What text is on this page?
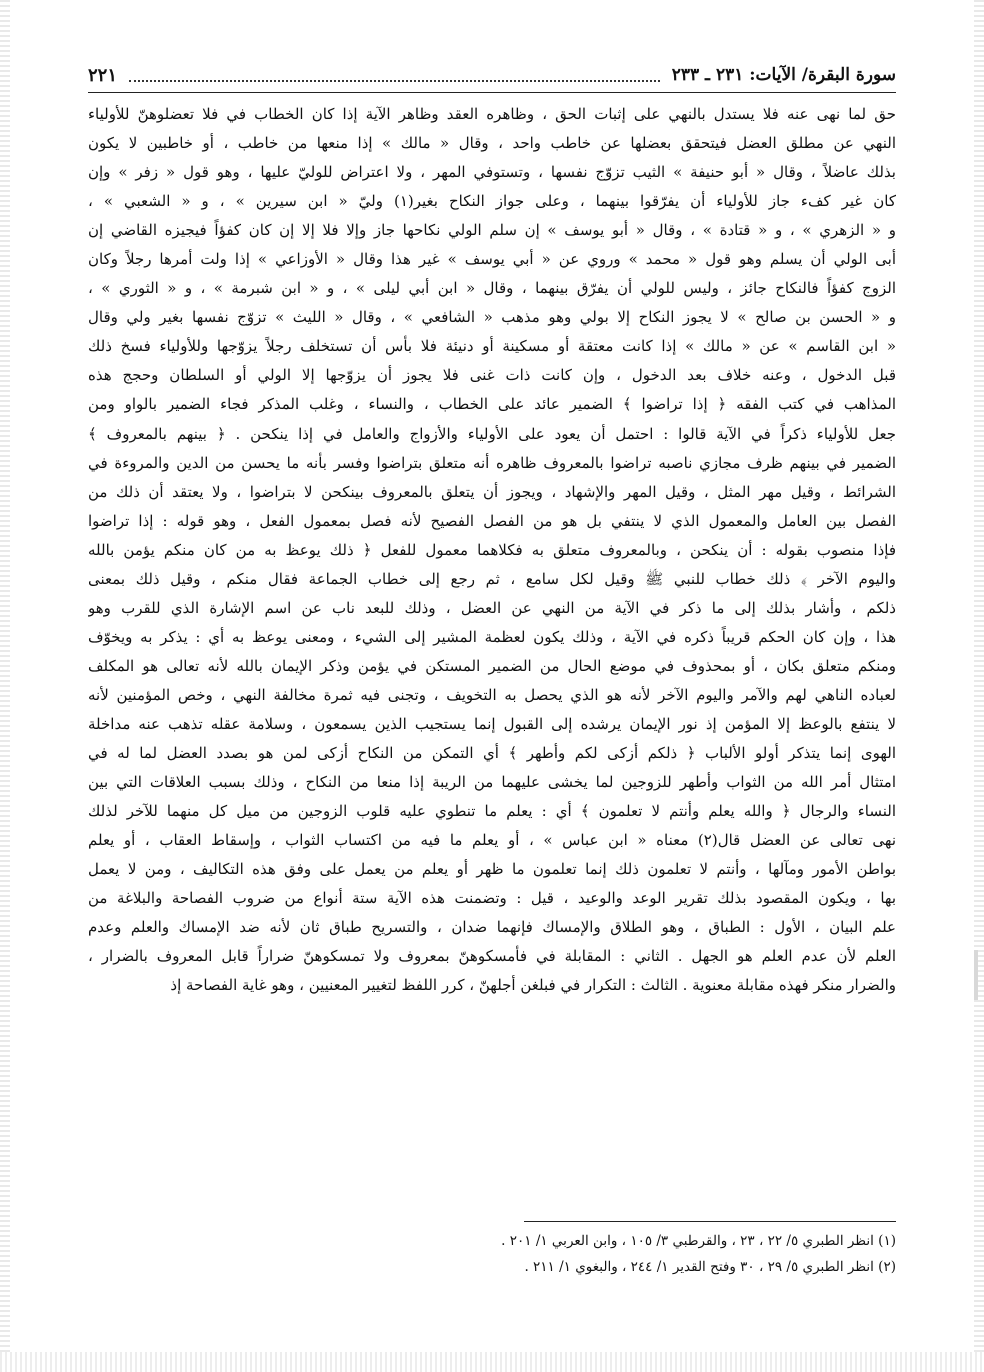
سورة البقرة/ الآيات: ٢٣١ ـ ٢٣٣
٢٢١
حق لما نهى عنه فلا يستدل بالنهي على إثبات الحق ، وظاهره العقد وظاهر الآية إذا كان الخطاب في فلا تعضلوهنّ للأولياء
النهي عن مطلق العضل فيتحقق بعضلها عن خاطب واحد ، وقال « مالك » إذا منعها من خاطب ، أو خاطبين لا يكون
بذلك عاضلاً ، وقال « أبو حنيفة » الثيب تزوّج نفسها ، وتستوفي المهر ، ولا اعتراض للوليّ عليها ، وهو قول « زفر » وإن
كان غير كفء جاز للأولياء أن يفرّقوا بينهما ، وعلى جواز النكاح بغير(١) وليّ « ابن سيرين » ، و « الشعبي » ،
و « الزهري » ، و « قتادة » ، وقال « أبو يوسف » إن سلم الولي نكاحها جاز وإلا فلا إلا إن كان كفؤاً فيجيزه القاضي إن
أبى الولي أن يسلم وهو قول « محمد » وروي عن « أبي يوسف » غير هذا وقال « الأوزاعي » إذا ولت أمرها رجلاً وكان
الزوج كفؤاً فالنكاح جائز ، وليس للولي أن يفرّق بينهما ، وقال « ابن أبي ليلى » ، و « ابن شبرمة » ، و « الثوري » ،
و « الحسن بن صالح » لا يجوز النكاح إلا بولي وهو مذهب « الشافعي » ، وقال « الليث » تزوّج نفسها بغير ولي وقال
« ابن القاسم » عن « مالك » إذا كانت معتقة أو مسكينة أو دنيئة فلا بأس أن تستخلف رجلاً يزوّجها وللأولياء فسخ ذلك
قبل الدخول ، وعنه خلاف بعد الدخول ، وإن كانت ذات غنى فلا يجوز أن يزوّجها إلا الولي أو السلطان وحجج هذه
المذاهب في كتب الفقه ﴿ إذا تراضوا ﴾ الضمير عائد على الخطاب ، والنساء ، وغلب المذكر فجاء الضمير بالواو ومن
جعل للأولياء ذكراً في الآية قالوا : احتمل أن يعود على الأولياء والأزواج والعامل في إذا ينكحن . ﴿ بينهم بالمعروف ﴾
الضمير في بينهم ظرف مجازي ناصبه تراضوا بالمعروف ظاهره أنه متعلق بتراضوا وفسر بأنه ما يحسن من الدين والمروءة في
الشرائط ، وقيل مهر المثل ، وقيل المهر والإشهاد ، ويجوز أن يتعلق بالمعروف بينكحن لا بتراضوا ، ولا يعتقد أن ذلك من
الفصل بين العامل والمعمول الذي لا ينتفي بل هو من الفصل الفصيح لأنه فصل بمعمول الفعل ، وهو قوله : إذا تراضوا
فإذا منصوب بقوله : أن ينكحن ، وبالمعروف متعلق به فكلاهما معمول للفعل ﴿ ذلك يوعظ به من كان منكم يؤمن بالله
واليوم الآخر ﴾ ذلك خطاب للنبي ﷺ وقيل لكل سامع ، ثم رجع إلى خطاب الجماعة فقال منكم ، وقيل ذلك بمعنى
ذلكم ، وأشار بذلك إلى ما ذكر في الآية من النهي عن العضل ، وذلك للبعد ناب عن اسم الإشارة الذي للقرب وهو
هذا ، وإن كان الحكم قريباً ذكره في الآية ، وذلك يكون لعظمة المشير إلى الشيء ، ومعنى يوعظ به أي : يذكر به ويخوّف
ومنكم متعلق بكان ، أو بمحذوف في موضع الحال من الضمير المستكن في يؤمن وذكر الإيمان بالله لأنه تعالى هو المكلف
لعباده الناهي لهم والآمر واليوم الآخر لأنه هو الذي يحصل به التخويف ، وتجنى فيه ثمرة مخالفة النهي ، وخص المؤمنين لأنه
لا ينتفع بالوعظ إلا المؤمن إذ نور الإيمان يرشده إلى القبول إنما يستجيب الذين يسمعون ، وسلامة عقله تذهب عنه مداخلة
الهوى إنما يتذكر أولو الألباب ﴿ ذلكم أزكى لكم وأطهر ﴾ أي التمكن من النكاح أزكى لمن هو بصدد العضل لما له في
امتثال أمر الله من الثواب وأطهر للزوجين لما يخشى عليهما من الريبة إذا منعا من النكاح ، وذلك بسبب العلاقات التي بين
النساء والرجال ﴿ والله يعلم وأنتم لا تعلمون ﴾ أي : يعلم ما تنطوي عليه قلوب الزوجين من ميل كل منهما للآخر لذلك
نهى تعالى عن العضل قال(٢) معناه « ابن عباس » ، أو يعلم ما فيه من اكتساب الثواب ، وإسقاط العقاب ، أو يعلم
بواطن الأمور ومآلها ، وأنتم لا تعلمون ذلك إنما تعلمون ما ظهر أو يعلم من يعمل على وفق هذه التكاليف ، ومن لا يعمل
بها ، ويكون المقصود بذلك تقرير الوعد والوعيد ، قيل : وتضمنت هذه الآية ستة أنواع من ضروب الفصاحة والبلاغة من
علم البيان ، الأول : الطباق ، وهو الطلاق والإمساك فإنهما ضدان ، والتسريح طباق ثان لأنه ضد الإمساك والعلم وعدم
العلم لأن عدم العلم هو الجهل . الثاني : المقابلة في فأمسكوهنّ بمعروف ولا تمسكوهنّ ضراراً قابل المعروف بالضرار ،
والضرار منكر فهذه مقابلة معنوية . الثالث : التكرار في فبلغن أجلهنّ ، كرر اللفظ لتغيير المعنيين ، وهو غاية الفصاحة إذ
(١) انظر الطبري ٥/ ٢٢ ، ٢٣ ، والقرطبي ٣/ ١٠٥ ، وابن العربي ١/ ٢٠١ .
(٢) انظر الطبري ٥/ ٢٩ ، ٣٠ وفتح القدير ١/ ٢٤٤ ، والبغوي ١/ ٢١١ .
